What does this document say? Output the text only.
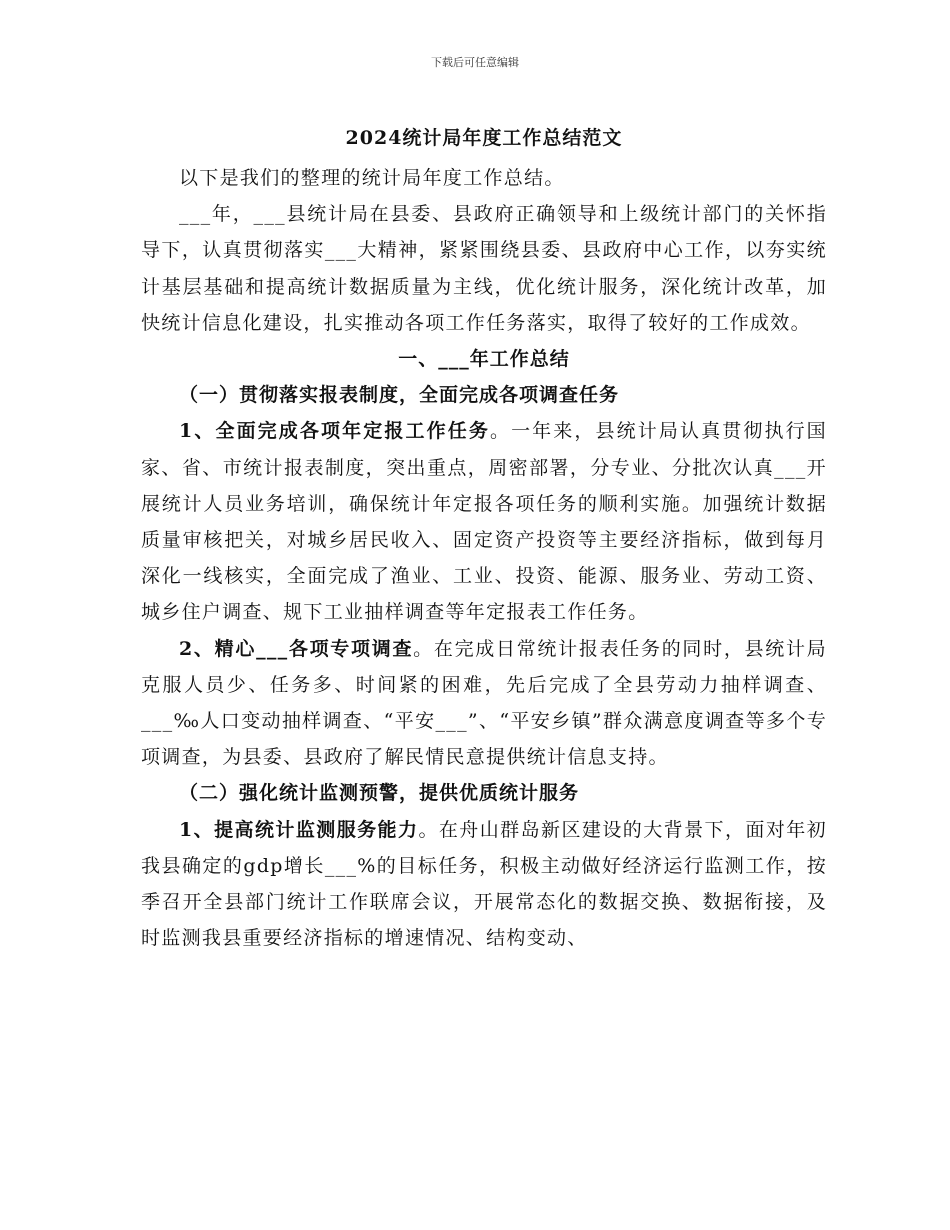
下载后可任意编辑
2024统计局年度工作总结范文

以下是我们的整理的统计局年度工作总结。

___年，___县统计局在县委、县政府正确领导和上级统计部门的关怀指导下，认真贯彻落实___大精神，紧紧围绕县委、县政府中心工作，以夯实统计基层基础和提高统计数据质量为主线，优化统计服务，深化统计改革，加快统计信息化建设，扎实推动各项工作任务落实，取得了较好的工作成效。

一、___年工作总结

（一）贯彻落实报表制度，全面完成各项调查任务

1、全面完成各项年定报工作任务。一年来，县统计局认真贯彻执行国家、省、市统计报表制度，突出重点，周密部署，分专业、分批次认真___开展统计人员业务培训，确保统计年定报各项任务的顺利实施。加强统计数据质量审核把关，对城乡居民收入、固定资产投资等主要经济指标，做到每月深化一线核实，全面完成了渔业、工业、投资、能源、服务业、劳动工资、城乡住户调查、规下工业抽样调查等年定报表工作任务。

2、精心___各项专项调查。在完成日常统计报表任务的同时，县统计局克服人员少、任务多、时间紧的困难，先后完成了全县劳动力抽样调查、___‰人口变动抽样调查、“平安___”、“平安乡镇”群众满意度调查等多个专项调查，为县委、县政府了解民情民意提供统计信息支持。

（二）强化统计监测预警，提供优质统计服务

1、提高统计监测服务能力。在舟山群岛新区建设的大背景下，面对年初我县确定的gdp增长___%的目标任务，积极主动做好经济运行监测工作，按季召开全县部门统计工作联席会议，开展常态化的数据交换、数据衔接，及时监测我县重要经济指标的增速情况、结构变动、
